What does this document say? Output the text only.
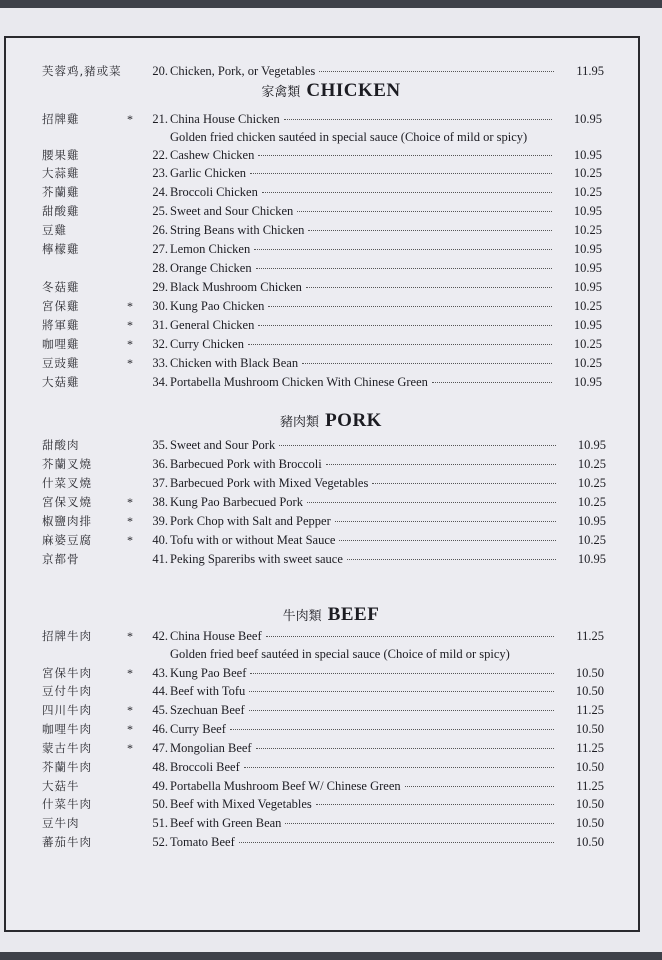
芙蓉鸡,豬或菜	20. Chicken, Pork, or Vegetables	11.95
家禽類 CHICKEN
招牌雞	*	21. China House Chicken	10.95
Golden fried chicken sautéed in special sauce (Choice of mild or spicy)
腰果雞	22. Cashew Chicken	10.95
大蒜雞	23. Garlic Chicken	10.25
芥蘭雞	24. Broccoli Chicken	10.25
甜酸雞	25. Sweet and Sour Chicken	10.95
豆雞	26. String Beans with Chicken	10.25
檸檬雞	27. Lemon Chicken	10.95
28. Orange Chicken	10.95
冬菇雞	29. Black Mushroom Chicken	10.95
宮保雞	*	30. Kung Pao Chicken	10.25
將軍雞	*	31. General Chicken	10.95
咖哩雞	*	32. Curry Chicken	10.25
豆豉雞	*	33. Chicken with Black Bean	10.25
大菇雞	34. Portabella Mushroom Chicken With Chinese Green	10.95
豬肉類 PORK
甜酸肉	35. Sweet and Sour Pork	10.95
芥蘭叉燒	36. Barbecued Pork with Broccoli	10.25
什菜叉燒	37. Barbecued Pork with Mixed Vegetables	10.25
宮保叉燒	*	38. Kung Pao Barbecued Pork	10.25
椒鹽肉排	*	39. Pork Chop with Salt and Pepper	10.95
麻婆豆腐	*	40. Tofu with or without Meat Sauce	10.25
京都骨	41. Peking Spareribs with sweet sauce	10.95
牛肉類 BEEF
招牌牛肉	*	42. China House Beef	11.25
Golden fried beef sautéed in special sauce (Choice of mild or spicy)
宮保牛肉	*	43. Kung Pao Beef	10.50
豆付牛肉	44. Beef with Tofu	10.50
四川牛肉	*	45. Szechuan Beef	11.25
咖哩牛肉	*	46. Curry Beef	10.50
蒙古牛肉	*	47. Mongolian Beef	11.25
芥蘭牛肉	48. Broccoli Beef	10.50
大菇牛	49. Portabella Mushroom Beef W/ Chinese Green	11.25
什菜牛肉	50. Beef with Mixed Vegetables	10.50
豆牛肉	51. Beef with Green Bean	10.50
蕃茄牛肉	52. Tomato Beef	10.50
